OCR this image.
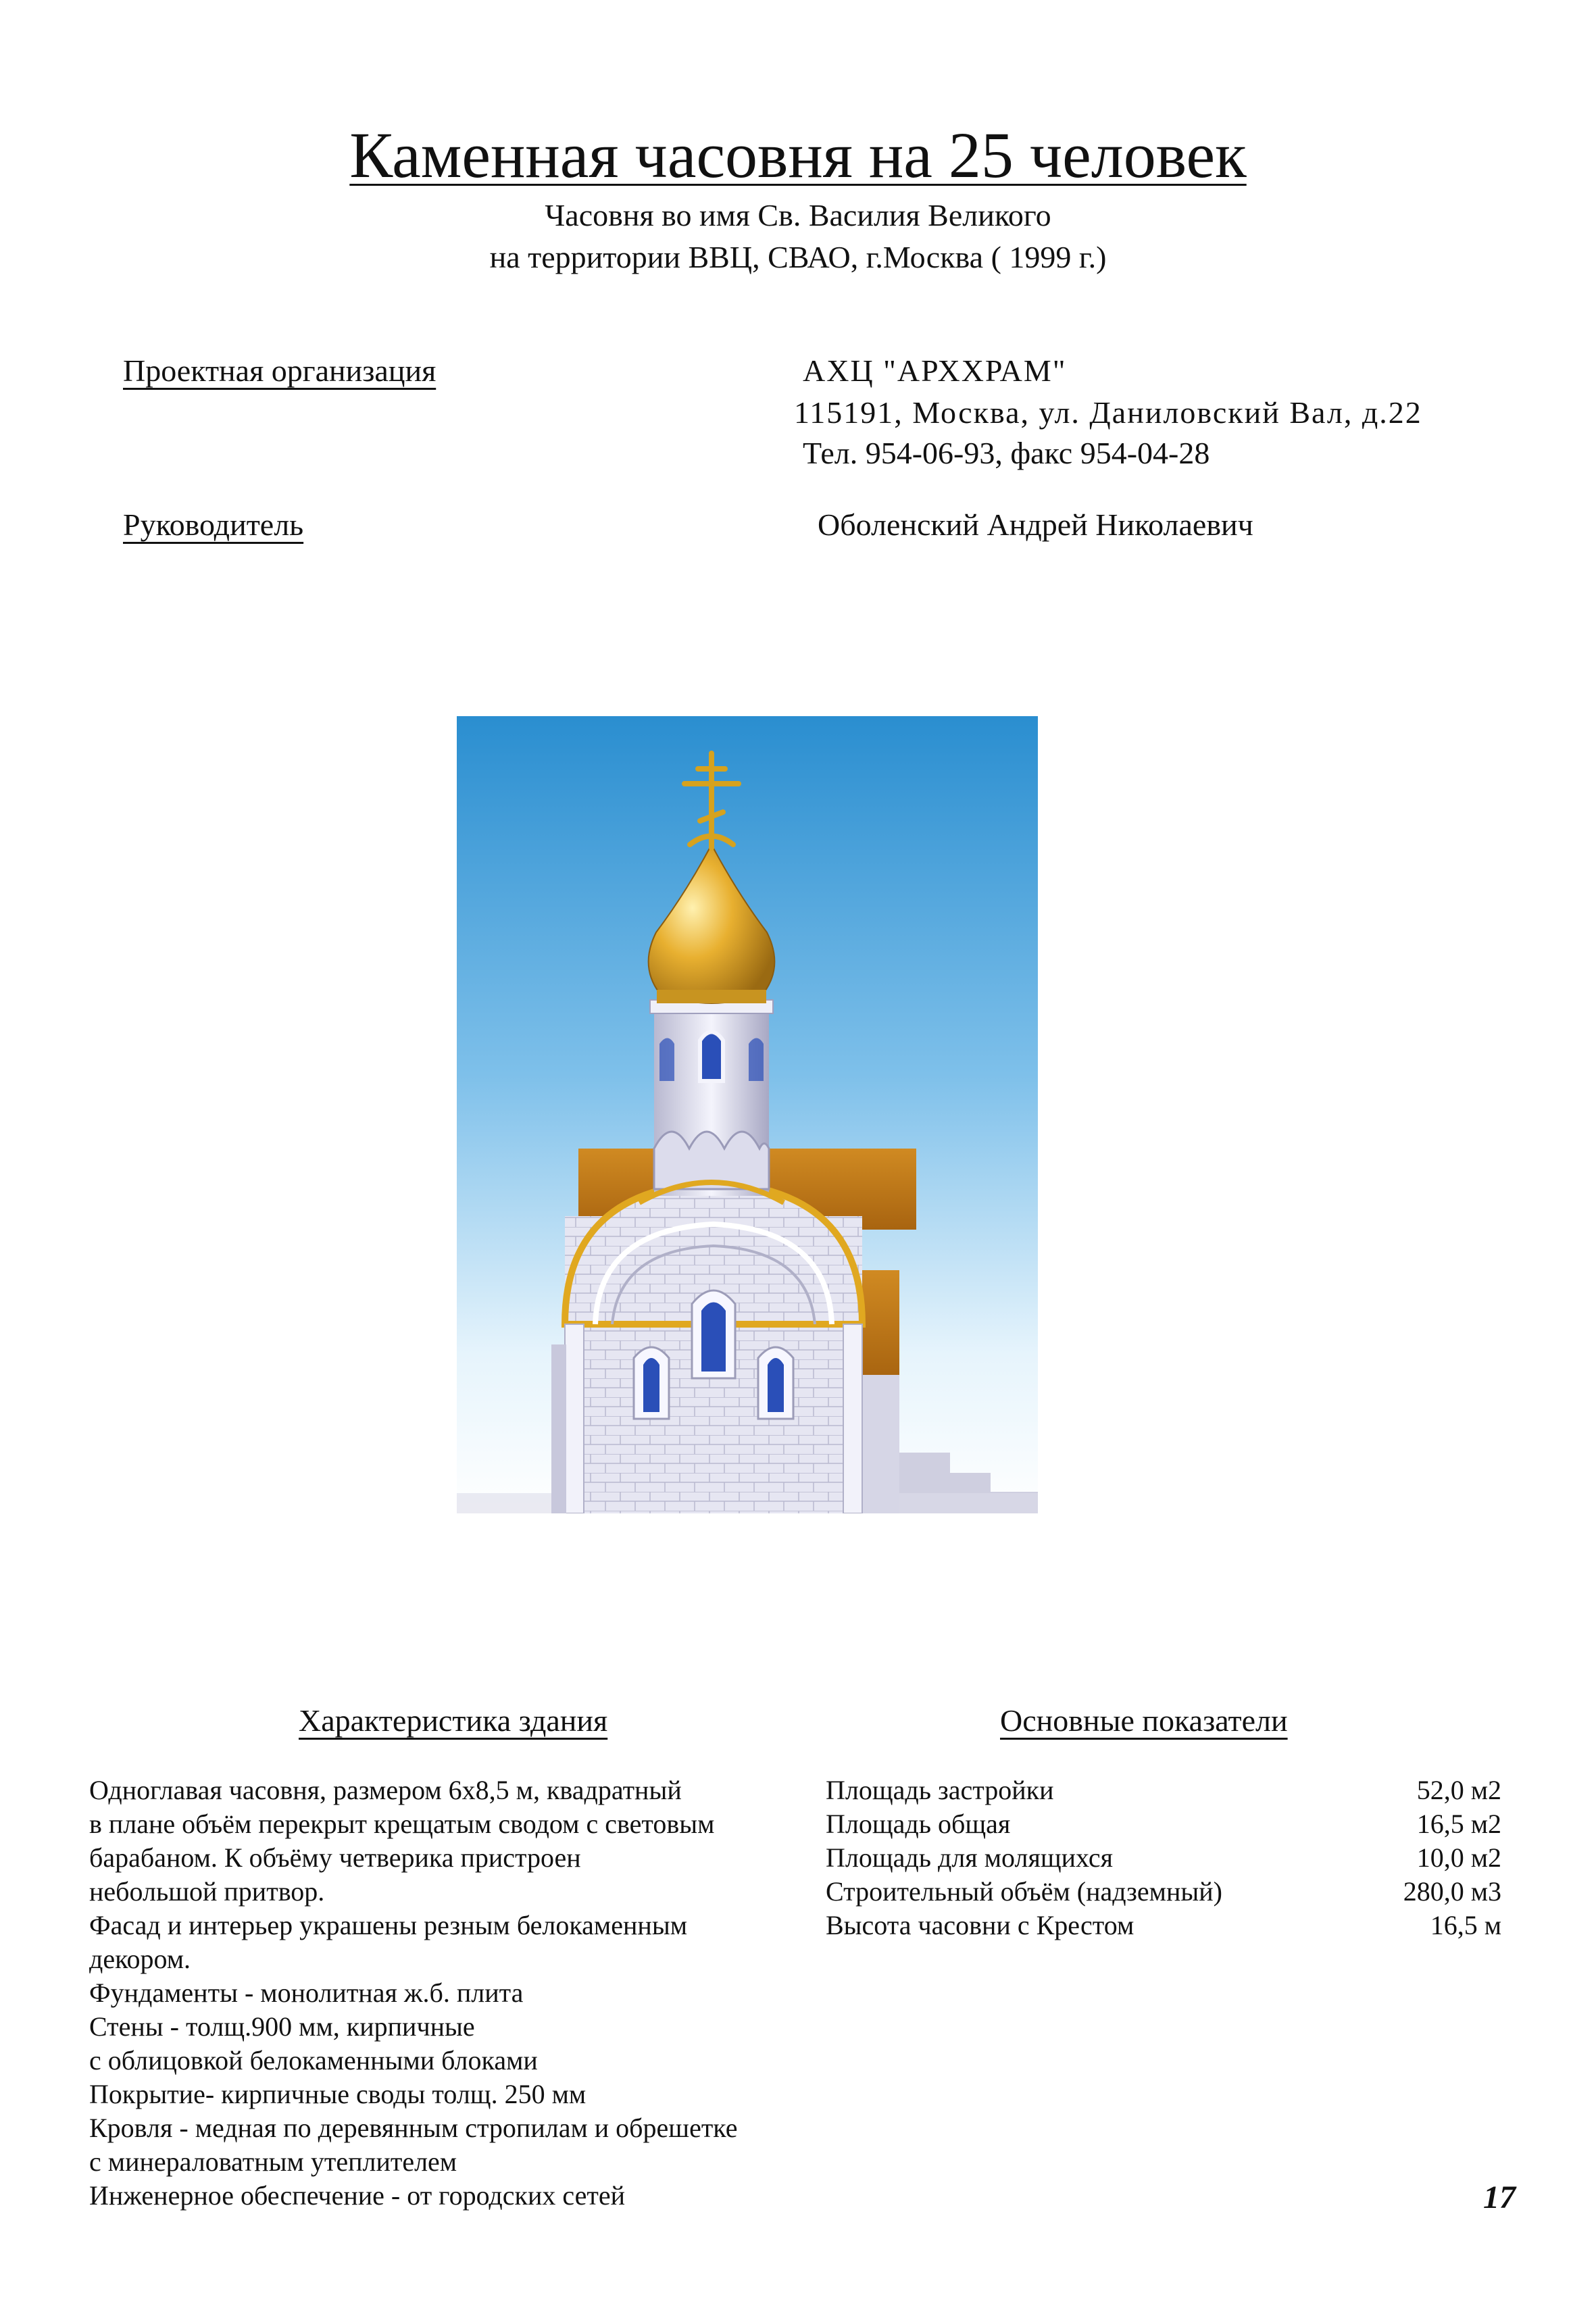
Каменная часовня на 25 человек
Часовня во имя Св. Василия Великого
на территории ВВЦ, СВАО, г.Москва ( 1999 г.)
Проектная организация	АХЦ "АРХХРАМ"
115191, Москва, ул. Даниловский Вал, д.22
Тел. 954-06-93, факс 954-04-28
Руководитель	Оболенский Андрей Николаевич
Характеристика здания	Основные показатели
Одноглавая часовня, размером 6х8,5 м, квадратный
в плане объём перекрыт крещатым сводом с световым
барабаном. К объёму четверика пристроен
небольшой притвор.
Фасад и интерьер украшены резным белокаменным
декором.
Фундаменты - монолитная ж.б. плита
Стены - толщ.900 мм, кирпичные
с облицовкой белокаменными блоками
Покрытие- кирпичные своды толщ. 250 мм
Кровля - медная по деревянным стропилам и обрешетке
с минераловатным утеплителем
Инженерное обеспечение - от городских сетей
Площадь застройки	52,0 м2
Площадь общая	16,5 м2
Площадь для молящихся	10,0 м2
Строительный объём (надземный)	280,0 м3
Высота часовни с Крестом	16,5 м
17
